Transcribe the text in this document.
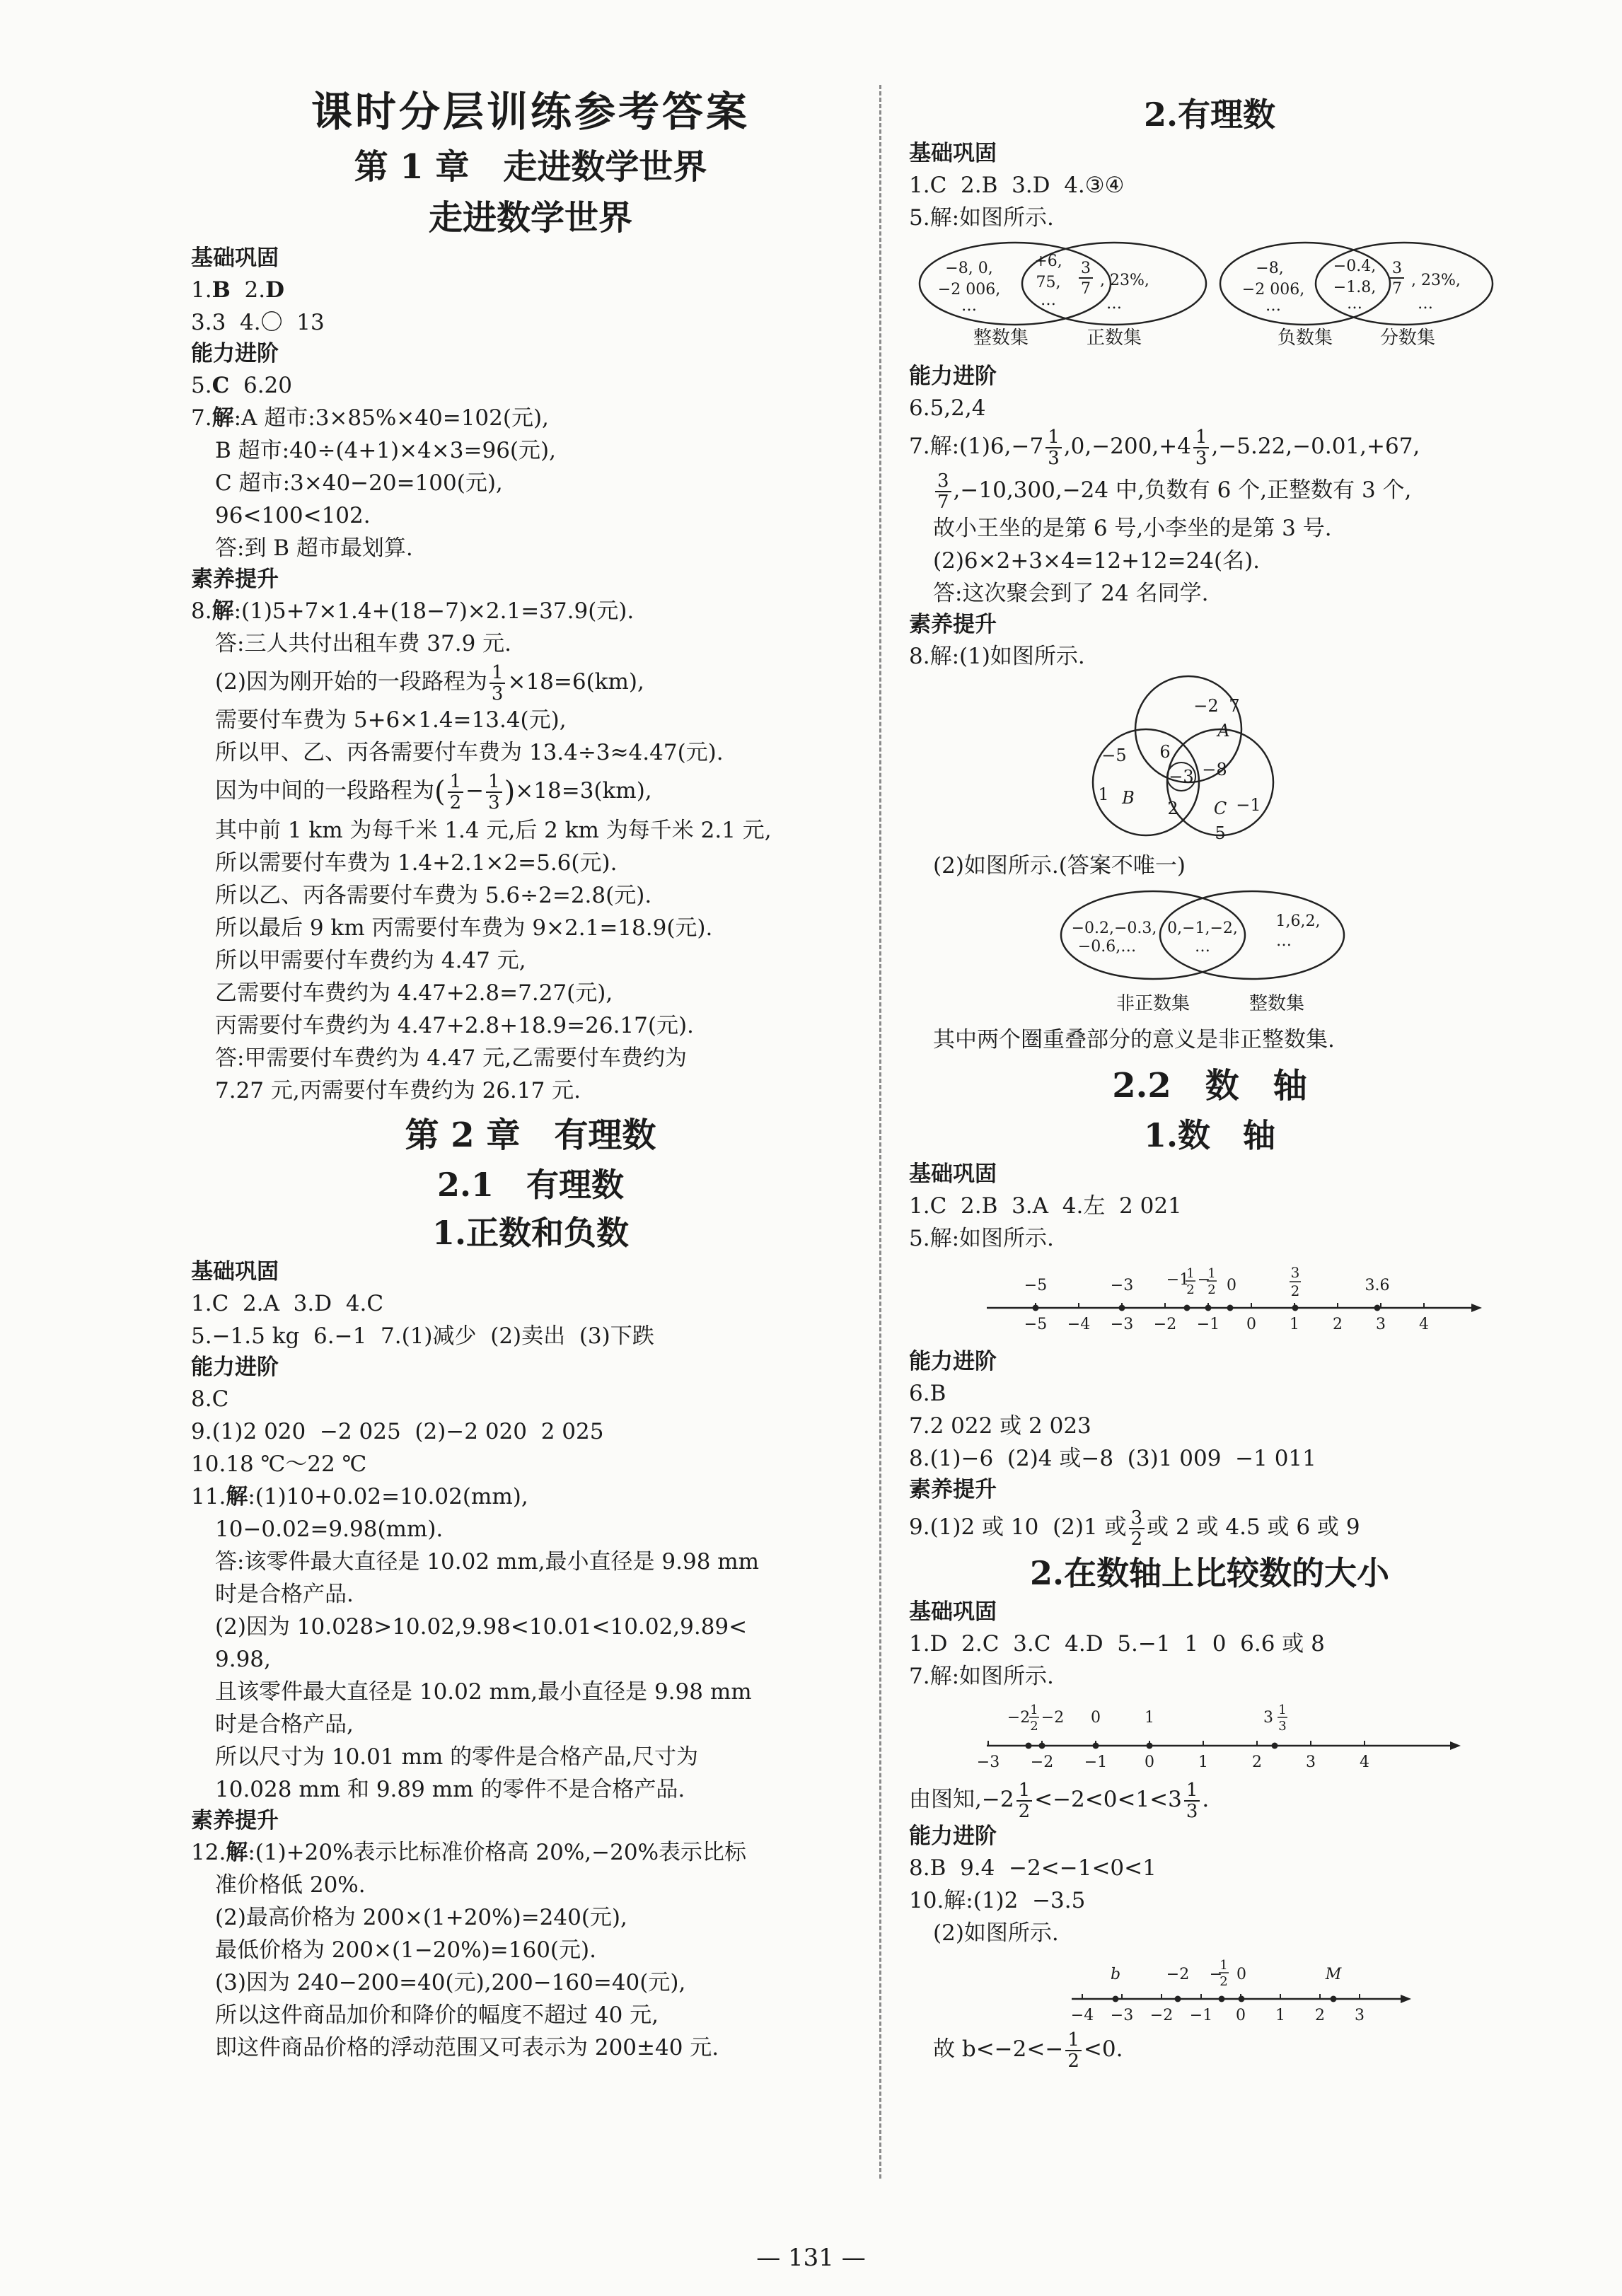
课时分层训练参考答案
第 1 章　走进数学世界
走进数学世界
基础巩固
1.B  2.D
3.3  4.〇  13
能力进阶
5.C  6.20
7.解:A 超市:3×85%×40=102(元),
B 超市:40÷(4+1)×4×3=96(元),
C 超市:3×40−20=100(元),
96<100<102.
答:到 B 超市最划算.
素养提升
8.解:(1)5+7×1.4+(18−7)×2.1=37.9(元).
答:三人共付出租车费 37.9 元.
(2)因为刚开始的一段路程为 $\frac{1}{3} \times 18=6(km)$,
需要付车费为 5+6×1.4=13.4(元),
所以甲、乙、丙各需要付车费为 13.4÷3≈4.47(元).
因为中间的一段路程为( $\frac{1}{2} - \frac{1}{3} )\times 18=3(km)$,
其中前 1 km 为每千米 1.4 元,后 2 km 为每千米 2.1 元,
所以需要付车费为 1.4+2.1×2=5.6(元).
所以乙、丙各需要付车费为 5.6÷2=2.8(元).
所以最后 9 km 丙需要付车费为 9×2.1=18.9(元).
所以甲需要付车费约为 4.47 元,
乙需要付车费约为 4.47+2.8=7.27(元),
丙需要付车费约为 4.47+2.8+18.9=26.17(元).
答:甲需要付车费约为 4.47 元,乙需要付车费约为
7.27 元,丙需要付车费约为 26.17 元.
第 2 章　有理数
2.1　有理数
1.正数和负数
基础巩固
1.C  2.A  3.D  4.C
5.−1.5 kg  6.−1  7.(1)减少  (2)卖出  (3)下跌
能力进阶
8.C
9.(1)2 020  −2 025  (2)−2 020  2 025
10.18 ℃～22 ℃
11.解:(1)10+0.02=10.02(mm),
10−0.02=9.98(mm).
答:该零件最大直径是 10.02 mm,最小直径是 9.98 mm
时是合格产品.
(2)因为 10.028>10.02,9.98<10.01<10.02,9.89<
9.98,
且该零件最大直径是 10.02 mm,最小直径是 9.98 mm
时是合格产品,
所以尺寸为 10.01 mm 的零件是合格产品,尺寸为
10.028 mm 和 9.89 mm 的零件不是合格产品.
素养提升
12.解:(1)+20%表示比标准价格高 20%,−20%表示比标
准价格低 20%.
(2)最高价格为 200×(1+20%)=240(元),
最低价格为 200×(1−20%)=160(元).
(3)因为 240−200=40(元),200−160=40(元),
所以这件商品加价和降价的幅度不超过 40 元,
即这件商品价格的浮动范围又可表示为 200±40 元.
2.有理数
基础巩固
1.C  2.B  3.D  4.③④
5.解:如图所示.
−8, 0,
−2 006,
…
+6,
75,
…
3
7 , 23%,
…
整数集	正数集
−8,
−2 006,
…
−0.4,
−1.8,
…
3
7 , 23%,
…
负数集	分数集
能力进阶
6.5,2,4
7.解:(1)6,−7 $\frac{1}{3} ,0,-200,+4 \frac{1}{3} ,-5.22,-0.01,+67$,
$\frac{3}{7} ,-10,300,-24$ 中,负数有 6 个,正整数有 3 个,
故小王坐的是第 6 号,小李坐的是第 3 号.
(2)6×2+3×4=12+12=24(名).
答:这次聚会到了 24 名同学.
素养提升
8.解:(1)如图所示.
−2 7
A
−5 6
−3 −8
1 B
2 C −1
5
(2)如图所示.(答案不唯一)
−0.2,−0.3,
−0.6,…
0,−1,−2,
…
1,6,2,
…
非正数集	整数集
其中两个圈重叠部分的意义是非正整数集.
2.2　数　轴
1.数　轴
基础巩固
1.C  2.B  3.A  4.左  2 021
5.解:如图所示.
−5 −4 −3 −2 −1 0 1 2 3 4
−5	−3 −1
1
2
−
1
2 0
3
2	3.6
能力进阶
6.B
7.2 022 或 2 023
8.(1)−6  (2)4 或−8  (3)1 009  −1 011
素养提升
9.(1)2 或 10  (2)1 或 $\frac{3}{2}$ 或 2 或 4.5 或 6 或 9
2.在数轴上比较数的大小
基础巩固
1.D  2.C  3.C  4.D  5.−1  1  0  6.6 或 8
7.解:如图所示.
−3 −2 −1 0	1	2	3	4
−2 1
2 −2 0	1	3 1
3
由图知$,-2 \frac{1}{2} <-2<0<1<3 \frac{1}{3}$ .
能力进阶
8.B  9.4  −2<−1<0<1
10.解:(1)2  −3.5
(2)如图所示.
−4 −3 −2 −1 0 1 2 3
b	−2 −
1
2 0	M
故 $b<-2<- \frac{1}{2} <0$.
— 131 —
